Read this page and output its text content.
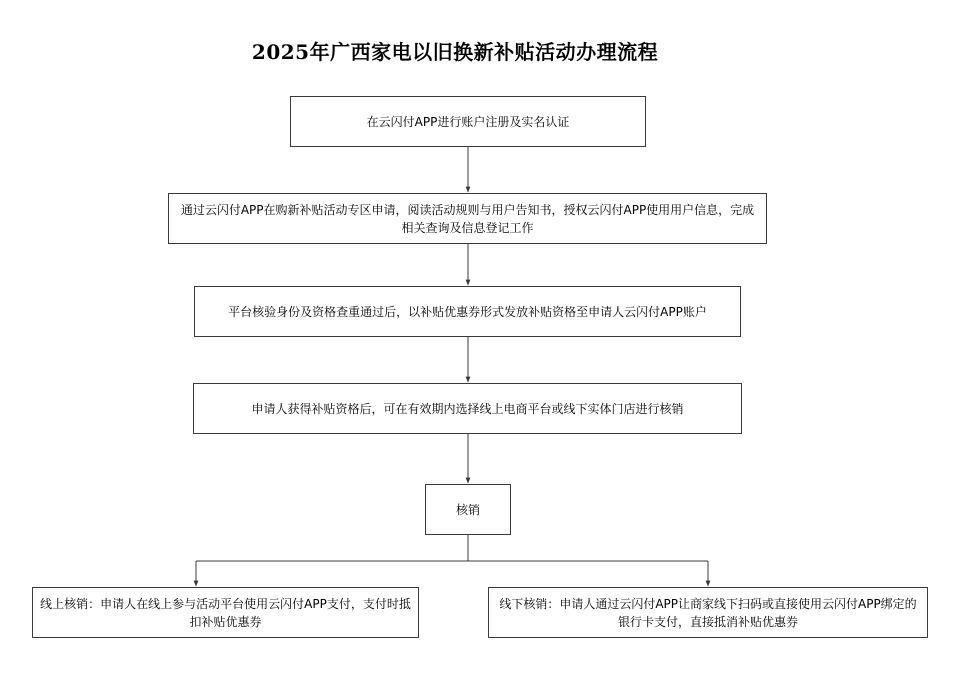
2025年广西家电以旧换新补贴活动办理流程
在云闪付APP进行账户注册及实名认证
通过云闪付APP在购新补贴活动专区申请，阅读活动规则与用户告知书，授权云闪付APP使用用户信息，完成相关查询及信息登记工作
平台核验身份及资格查重通过后，以补贴优惠券形式发放补贴资格至申请人云闪付APP账户
申请人获得补贴资格后，可在有效期内选择线上电商平台或线下实体门店进行核销
核销
线上核销：申请人在线上参与活动平台使用云闪付APP支付，支付时抵扣补贴优惠券
线下核销：申请人通过云闪付APP让商家线下扫码或直接使用云闪付APP绑定的银行卡支付，直接抵消补贴优惠券
